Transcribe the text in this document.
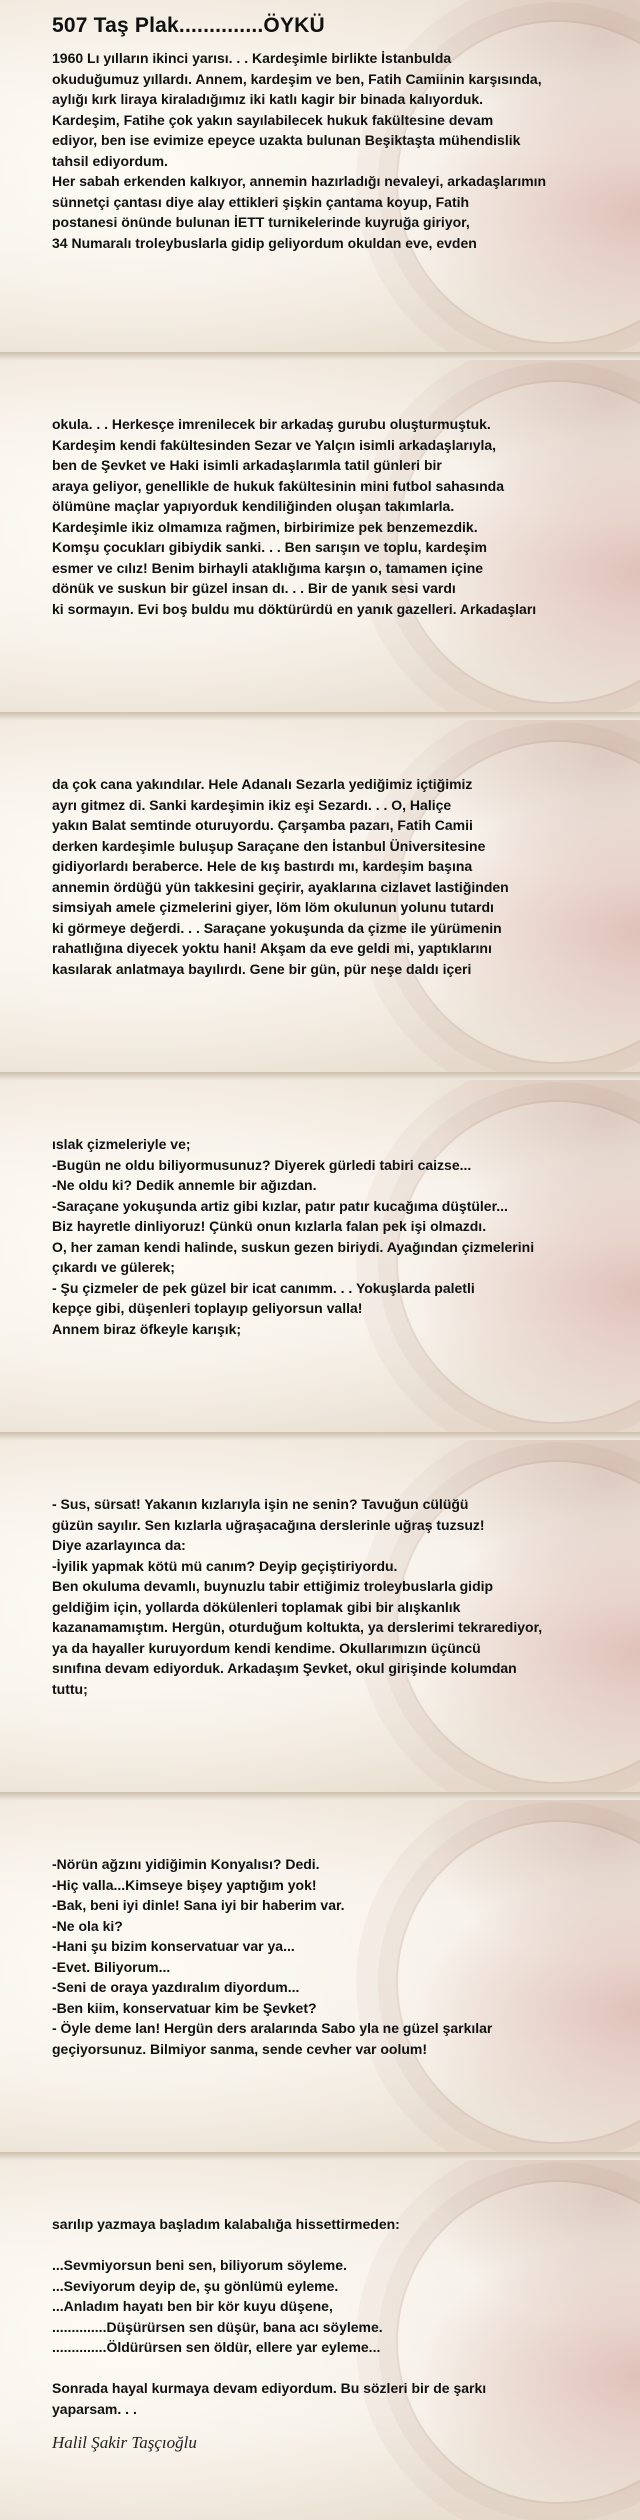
507 Taş Plak..............ÖYKÜ
1960 Lı yılların ikinci yarısı. . . Kardeşimle birlikte İstanbulda
okuduğumuz yıllardı. Annem, kardeşim ve ben, Fatih Camiinin karşısında,
aylığı kırk liraya kiraladığımız iki katlı kagir bir binada kalıyorduk.
Kardeşim, Fatihe çok yakın sayılabilecek hukuk fakültesine devam
ediyor, ben ise evimize epeyce uzakta bulunan Beşiktaşta mühendislik
tahsil ediyordum.
Her sabah erkenden kalkıyor, annemin hazırladığı nevaleyi, arkadaşlarımın
sünnetçi çantası diye alay ettikleri şişkin çantama koyup, Fatih
postanesi önünde bulunan İETT turnikelerinde kuyruğa giriyor,
34 Numaralı troleybuslarla gidip geliyordum okuldan eve, evden
okula. . . Herkesçe imrenilecek bir arkadaş gurubu oluşturmuştuk.
Kardeşim kendi fakültesinden Sezar ve Yalçın isimli arkadaşlarıyla,
ben de Şevket ve Haki isimli arkadaşlarımla tatil günleri bir
araya geliyor, genellikle de hukuk fakültesinin mini futbol sahasında
ölümüne maçlar yapıyorduk kendiliğinden oluşan takımlarla.
Kardeşimle ikiz olmamıza rağmen, birbirimize pek benzemezdik.
Komşu çocukları gibiydik sanki. . . Ben sarışın ve toplu, kardeşim
esmer ve cılız! Benim birhayli ataklığıma karşın o, tamamen içine
dönük ve suskun bir güzel insan dı. . . Bir de yanık sesi vardı
ki sormayın. Evi boş buldu mu döktürürdü en yanık gazelleri. Arkadaşları
da çok cana yakındılar. Hele Adanalı Sezarla yediğimiz içtiğimiz
ayrı gitmez di. Sanki kardeşimin ikiz eşi Sezardı. . . O, Haliçe
yakın Balat semtinde oturuyordu. Çarşamba pazarı, Fatih Camii
derken kardeşimle buluşup Saraçane den İstanbul Üniversitesine
gidiyorlardı beraberce. Hele de kış bastırdı mı, kardeşim başına
annemin ördüğü yün takkesini geçirir, ayaklarına cizlavet lastiğinden
simsiyah amele çizmelerini giyer, löm löm okulunun yolunu tutardı
ki görmeye değerdi. . . Saraçane yokuşunda da çizme ile yürümenin
rahatlığına diyecek yoktu hani! Akşam da eve geldi mi, yaptıklarını
kasılarak anlatmaya bayılırdı. Gene bir gün, pür neşe daldı içeri
ıslak çizmeleriyle ve;
-Bugün ne oldu biliyormusunuz? Diyerek gürledi tabiri caizse...
-Ne oldu ki? Dedik annemle bir ağızdan.
-Saraçane yokuşunda artiz gibi kızlar, patır patır kucağıma düştüler...
Biz hayretle dinliyoruz! Çünkü onun kızlarla falan pek işi olmazdı.
O, her zaman kendi halinde, suskun gezen biriydi. Ayağından çizmelerini
çıkardı ve gülerek;
- Şu çizmeler de pek güzel bir icat canımm. . . Yokuşlarda paletli
kepçe gibi, düşenleri toplayıp geliyorsun valla!
Annem biraz öfkeyle karışık;
- Sus, sürsat! Yakanın kızlarıyla işin ne senin? Tavuğun cülüğü
güzün sayılır. Sen kızlarla uğraşacağına derslerinle uğraş tuzsuz!
Diye azarlayınca da:
-İyilik yapmak kötü mü canım? Deyip geçiştiriyordu.
Ben okuluma devamlı, buynuzlu tabir ettiğimiz troleybuslarla gidip
geldiğim için, yollarda dökülenleri toplamak gibi bir alışkanlık
kazanamamıştım. Hergün, oturduğum koltukta, ya derslerimi tekrarediyor,
ya da hayaller kuruyordum kendi kendime. Okullarımızın üçüncü
sınıfına devam ediyorduk. Arkadaşım Şevket, okul girişinde kolumdan
tuttu;
-Nörün ağzını yidiğimin Konyalısı? Dedi.
-Hiç valla...Kimseye bişey yaptığım yok!
-Bak, beni iyi dinle! Sana iyi bir haberim var.
-Ne ola ki?
-Hani şu bizim konservatuar var ya...
-Evet. Biliyorum...
-Seni de oraya yazdıralım diyordum...
-Ben kiim, konservatuar kim be Şevket?
- Öyle deme lan! Hergün ders aralarında Sabo yla ne güzel şarkılar
geçiyorsunuz. Bilmiyor sanma, sende cevher var oolum!
sarılıp yazmaya başladım kalabalığa hissettirmeden:
...Sevmiyorsun beni sen, biliyorum söyleme.
...Seviyorum deyip de, şu gönlümü eyleme.
...Anladım hayatı ben bir kör kuyu düşene,
..............Düşürürsen sen düşür, bana acı söyleme.
..............Öldürürsen sen öldür, ellere yar eyleme...
Sonrada hayal kurmaya devam ediyordum. Bu sözleri bir de şarkı
yaparsam. . .
Halil Şakir Taşçıoğlu
